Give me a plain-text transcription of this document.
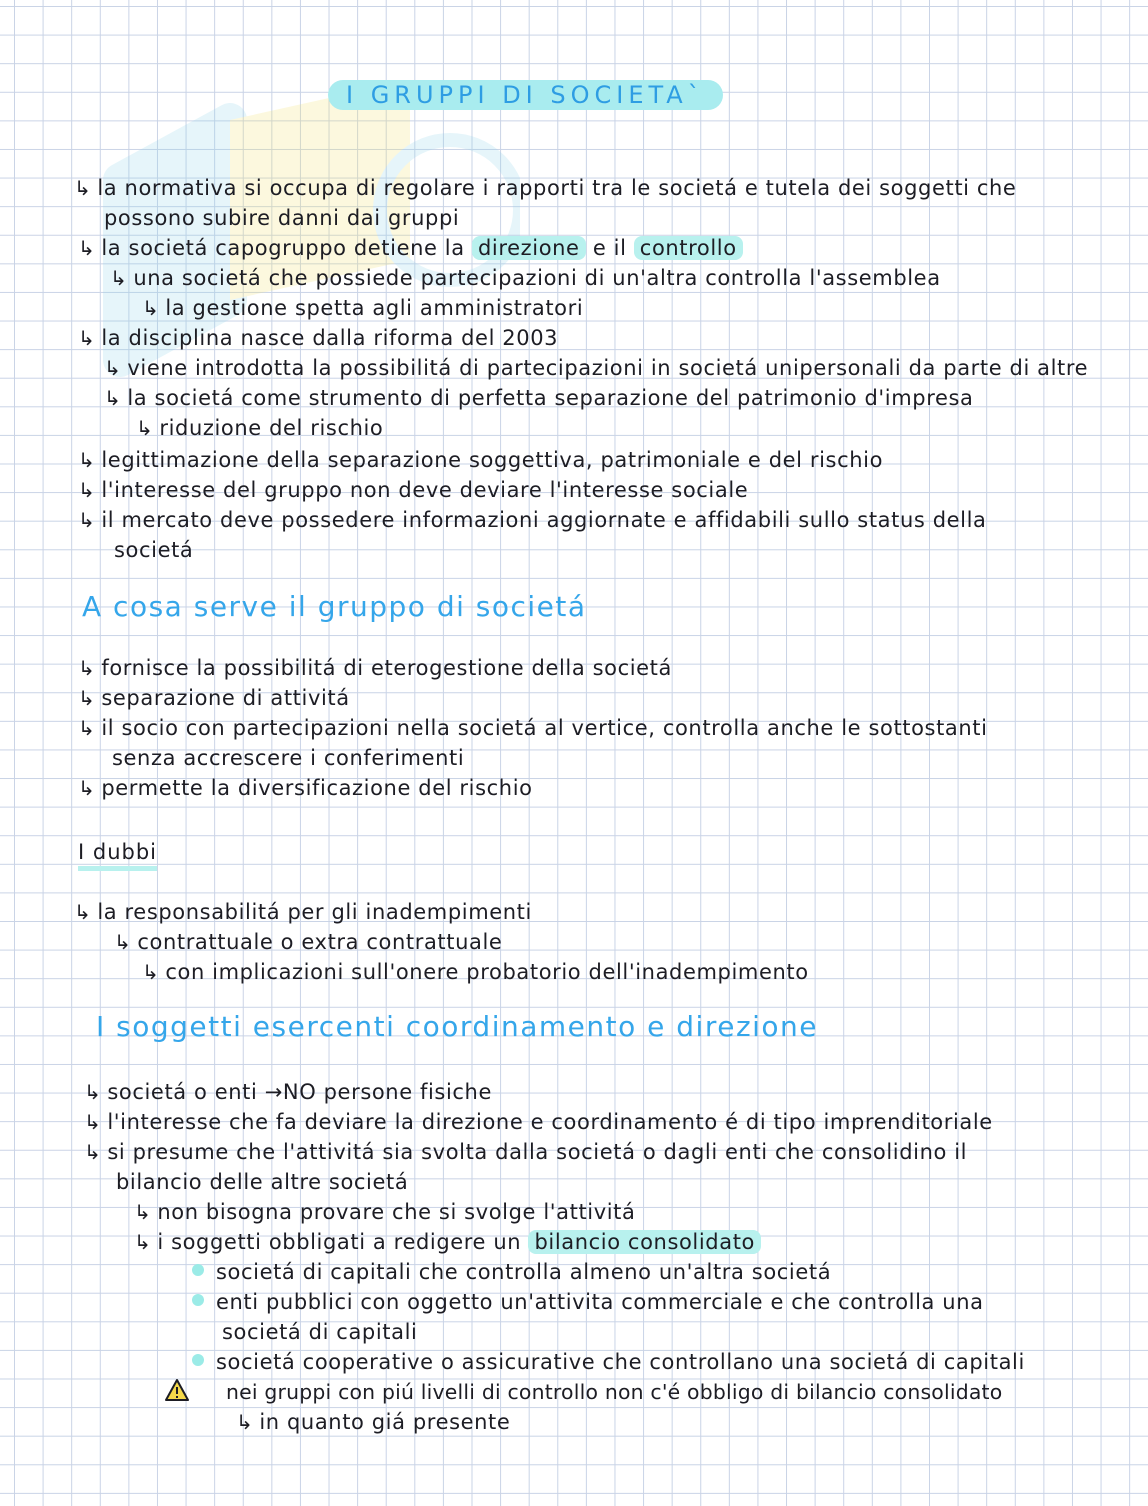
I GRUPPI DI SOCIETA`
↳ la normativa si occupa di regolare i rapporti tra le societá e tutela dei soggetti che
possono subire danni dai gruppi
↳ la societá capogruppo detiene la direzione e il controllo
↳ una societá che possiede partecipazioni di un'altra controlla l'assemblea
↳ la gestione spetta agli amministratori
↳ la disciplina nasce dalla riforma del 2003
↳ viene introdotta la possibilitá di partecipazioni in societá unipersonali da parte di altre
↳ la societá come strumento di perfetta separazione del patrimonio d'impresa
↳ riduzione del rischio
↳ legittimazione della separazione soggettiva, patrimoniale e del rischio
↳ l'interesse del gruppo non deve deviare l'interesse sociale
↳ il mercato deve possedere informazioni aggiornate e affidabili sullo status della
societá
A cosa serve il gruppo di societá
↳ fornisce la possibilitá di eterogestione della societá
↳ separazione di attivitá
↳ il socio con partecipazioni nella societá al vertice, controlla anche le sottostanti
senza accrescere i conferimenti
↳ permette la diversificazione del rischio
I dubbi
↳ la responsabilitá per gli inadempimenti
↳ contrattuale o extra contrattuale
↳ con implicazioni sull'onere probatorio dell'inadempimento
I soggetti esercenti coordinamento e direzione
↳ societá o enti →NO persone fisiche
↳ l'interesse che fa deviare la direzione e coordinamento é di tipo imprenditoriale
↳ si presume che l'attivitá sia svolta dalla societá o dagli enti che consolidino il
bilancio delle altre societá
↳ non bisogna provare che si svolge l'attivitá
↳ i soggetti obbligati a redigere un bilancio consolidato
societá di capitali che controlla almeno un'altra societá
enti pubblici con oggetto un'attivita commerciale e che controlla una
societá di capitali
societá cooperative o assicurative che controllano una societá di capitali
nei gruppi con piú livelli di controllo non c'é obbligo di bilancio consolidato
↳ in quanto giá presente
